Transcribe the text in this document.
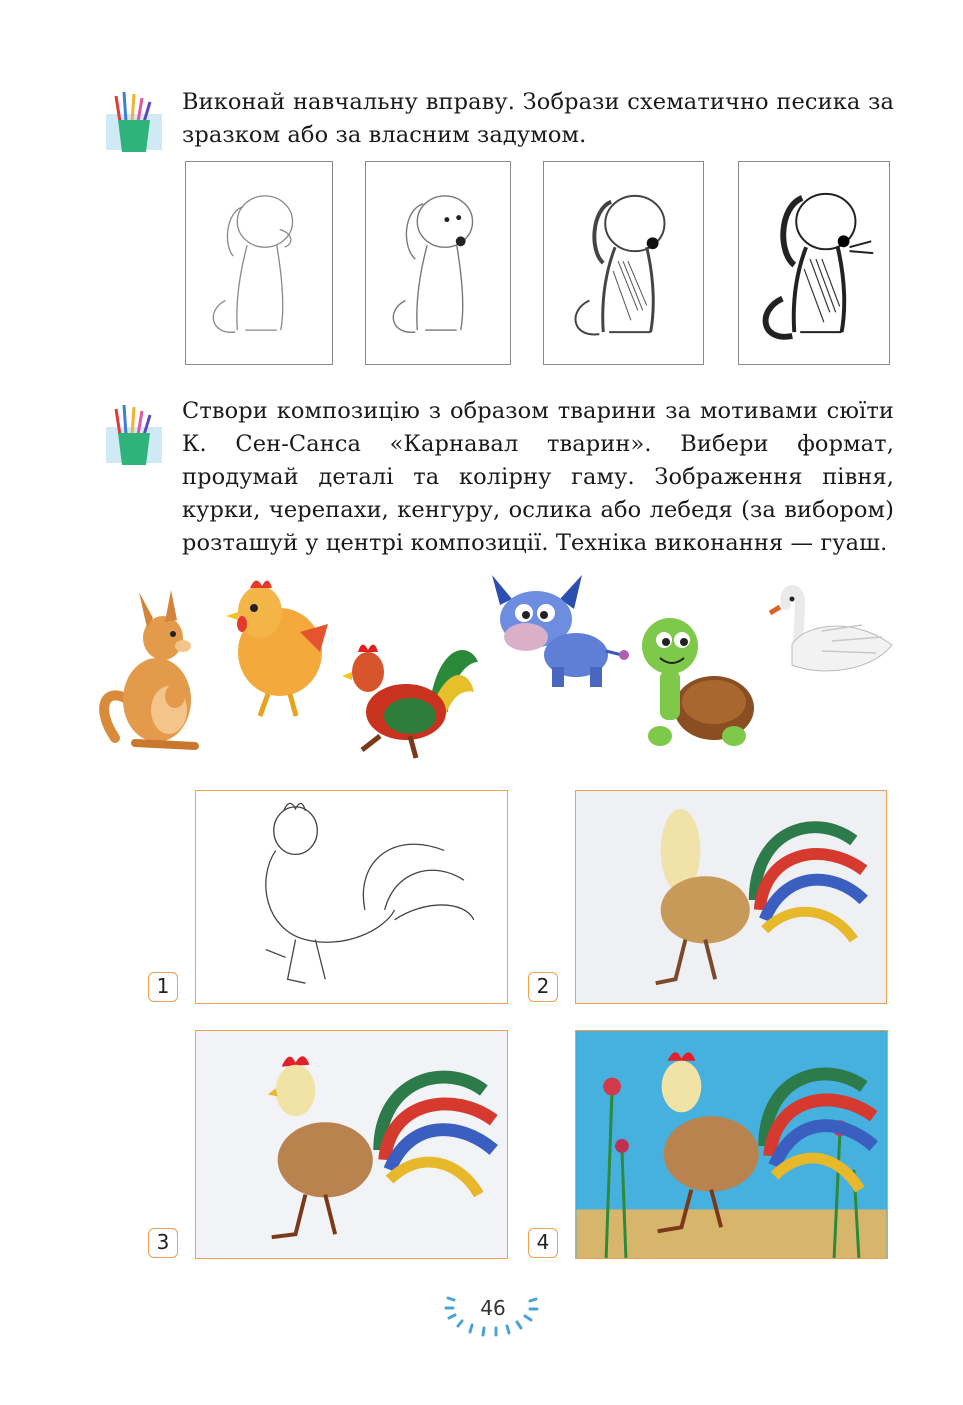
Виконай навчальну вправу. Зобрази схематично песика за зразком або за власним задумом.
Створи композицію з образом тварини за мотивами сюїти К. Сен-Санса «Карнавал тварин». Вибери формат, продумай деталі та колірну гаму. Зображення півня, курки, черепахи, кенгуру, ослика або лебедя (за вибором) розташуй у центрі композиції. Техніка виконання — гуаш.
1	2
3	4
46
